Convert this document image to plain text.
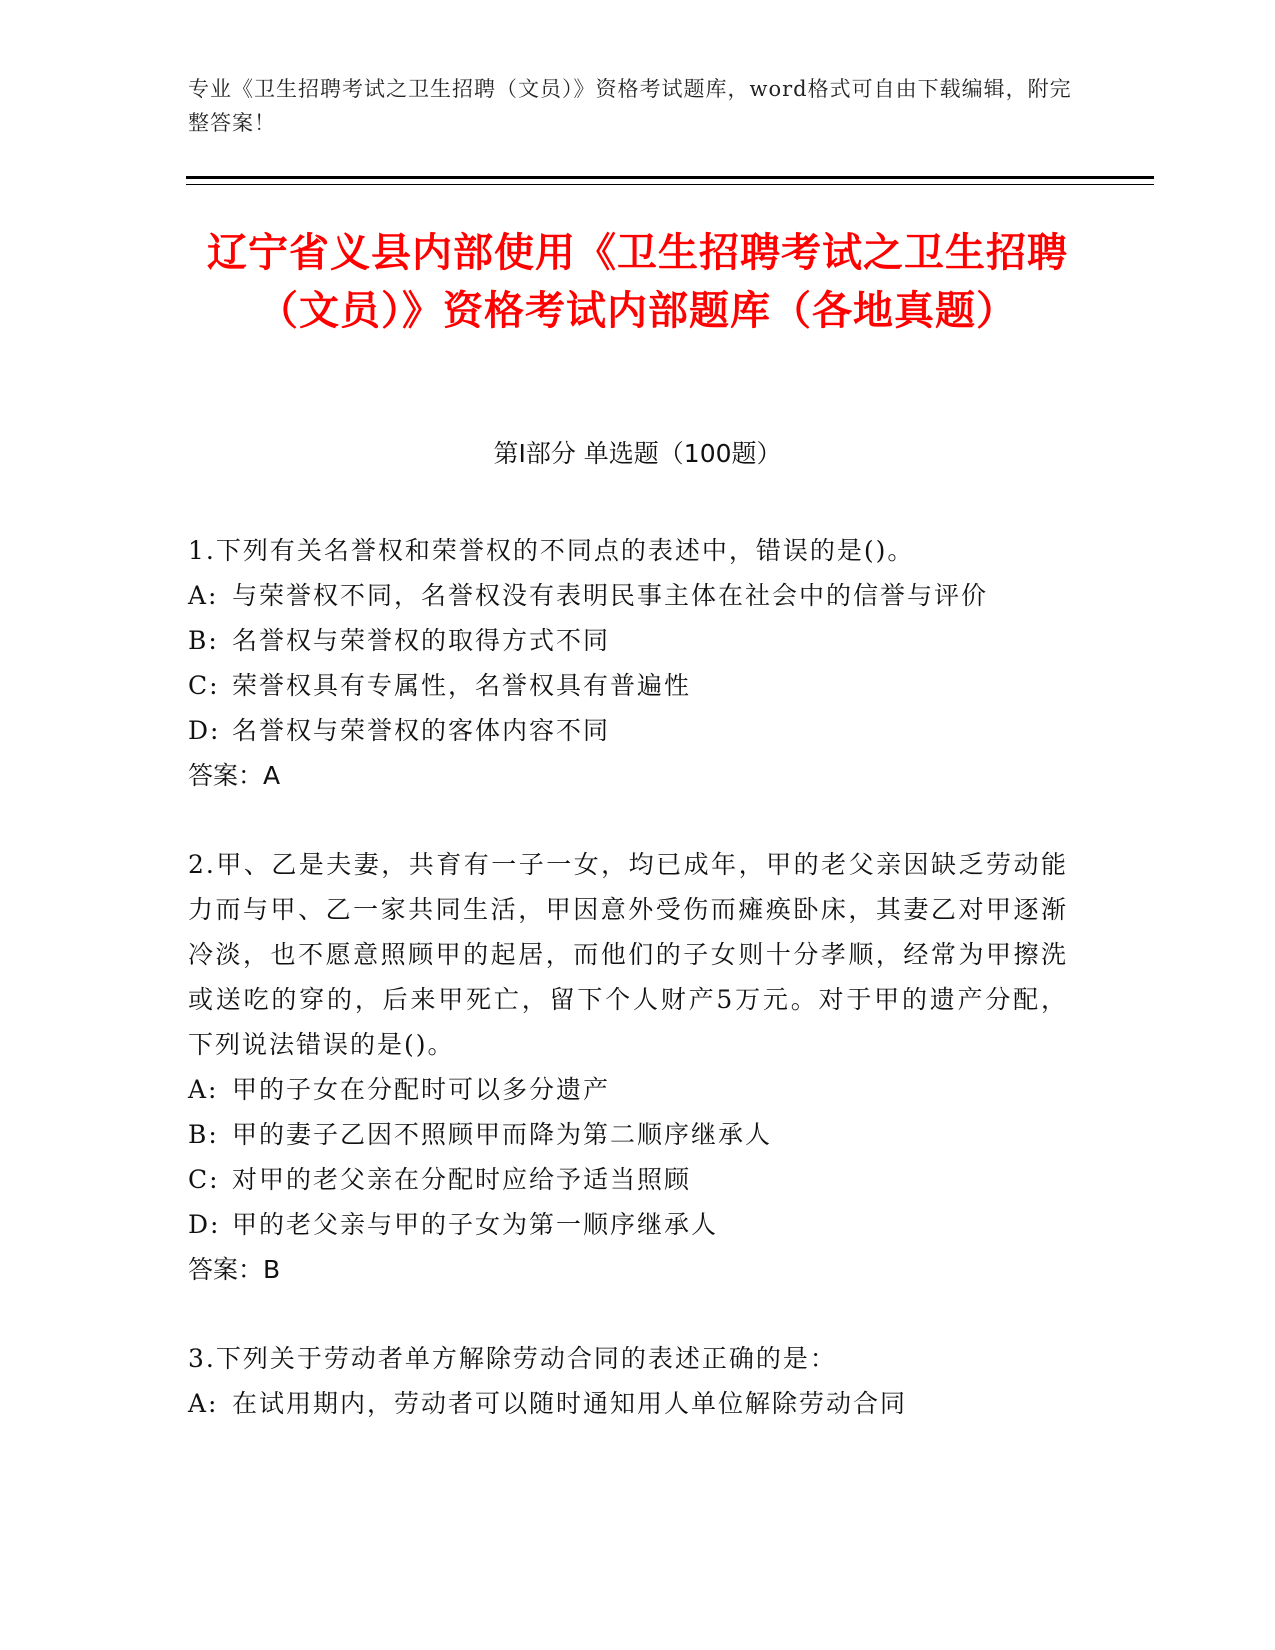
专业《卫生招聘考试之卫生招聘（文员）》资格考试题库，word格式可自由下载编辑，附完整答案！
辽宁省义县内部使用《卫生招聘考试之卫生招聘（文员）》资格考试内部题库（各地真题）
第I部分 单选题（100题）
1.下列有关名誉权和荣誉权的不同点的表述中，错误的是()。
A: 与荣誉权不同，名誉权没有表明民事主体在社会中的信誉与评价
B: 名誉权与荣誉权的取得方式不同
C: 荣誉权具有专属性，名誉权具有普遍性
D: 名誉权与荣誉权的客体内容不同
答案：A
2.甲、乙是夫妻，共育有一子一女，均已成年，甲的老父亲因缺乏劳动能力而与甲、乙一家共同生活，甲因意外受伤而瘫痪卧床，其妻乙对甲逐渐冷淡，也不愿意照顾甲的起居，而他们的子女则十分孝顺，经常为甲擦洗或送吃的穿的，后来甲死亡，留下个人财产5万元。对于甲的遗产分配，下列说法错误的是()。
A: 甲的子女在分配时可以多分遗产
B: 甲的妻子乙因不照顾甲而降为第二顺序继承人
C: 对甲的老父亲在分配时应给予适当照顾
D: 甲的老父亲与甲的子女为第一顺序继承人
答案：B
3.下列关于劳动者单方解除劳动合同的表述正确的是：
A: 在试用期内，劳动者可以随时通知用人单位解除劳动合同
